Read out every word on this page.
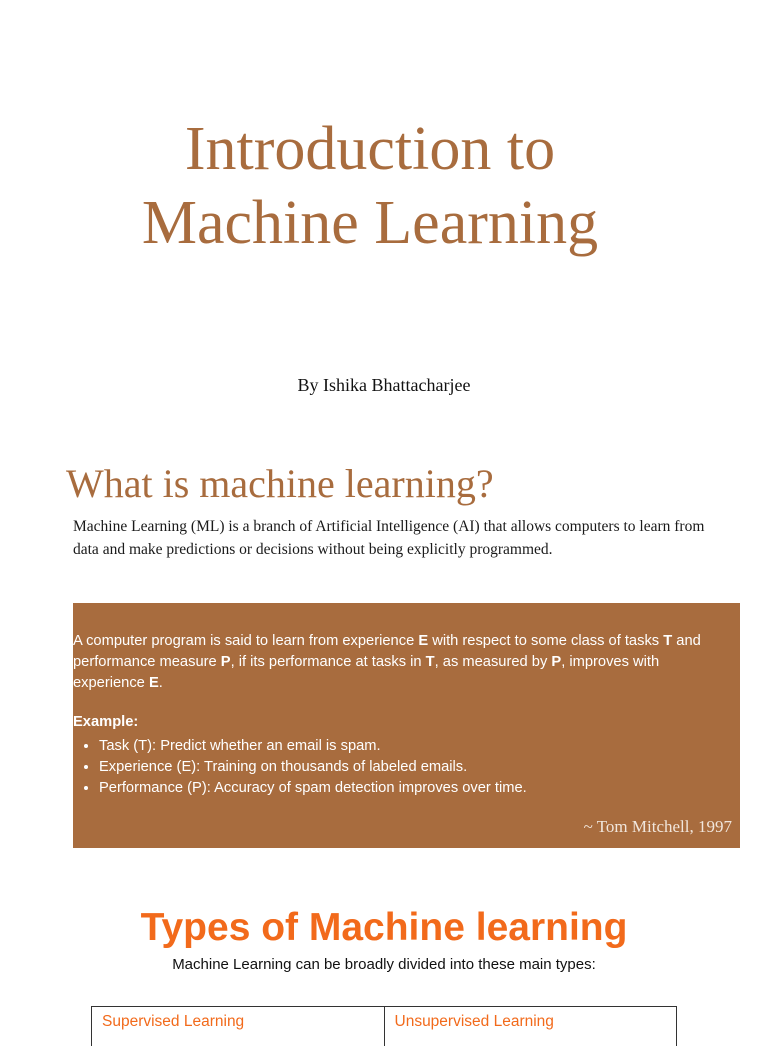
Introduction to
Machine Learning
By Ishika Bhattacharjee
What is machine learning?

Machine Learning (ML) is a branch of Artificial Intelligence (AI) that allows computers to learn from data and make predictions or decisions without being explicitly programmed.

A computer program is said to learn from experience E with respect to some class of tasks T and performance measure P, if its performance at tasks in T, as measured by P, improves with experience E.

Example:

• Task (T): Predict whether an email is spam.
• Experience (E): Training on thousands of labeled emails.
• Performance (P): Accuracy of spam detection improves over time.
~ Tom Mitchell, 1997
Types of Machine learning

Machine Learning can be broadly divided into these main types:

Supervised Learning	Unsupervised Learning
